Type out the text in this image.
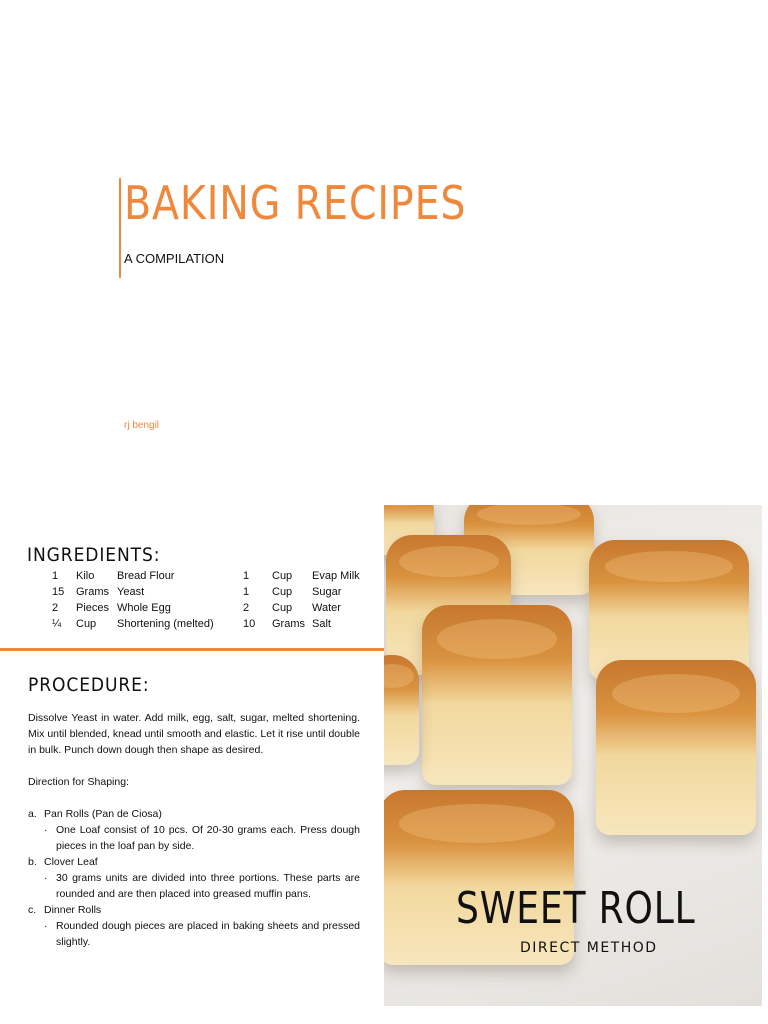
BAKING RECIPES
A COMPILATION
rj bengil
INGREDIENTS:
1 Kilo Bread Flour	1 Cup Evap Milk
15 Grams Yeast	1 Cup Sugar
2 Pieces Whole Egg	2 Cup Water
¼ Cup Shortening (melted)	10 Grams Salt
PROCEDURE:

Dissolve Yeast in water. Add milk, egg, salt, sugar, melted shortening. Mix until blended, knead until smooth and elastic. Let it rise until double in bulk. Punch down dough then shape as desired.

Direction for Shaping:

a. Pan Rolls (Pan de Ciosa)
· One Loaf consist of 10 pcs. Of 20-30 grams each. Press dough pieces in the loaf pan by side.
b. Clover Leaf
· 30 grams units are divided into three portions. These parts are rounded and are then placed into greased muffin pans.
c. Dinner Rolls
· Rounded dough pieces are placed in baking sheets and pressed slightly.
SWEET ROLL
DIRECT METHOD
